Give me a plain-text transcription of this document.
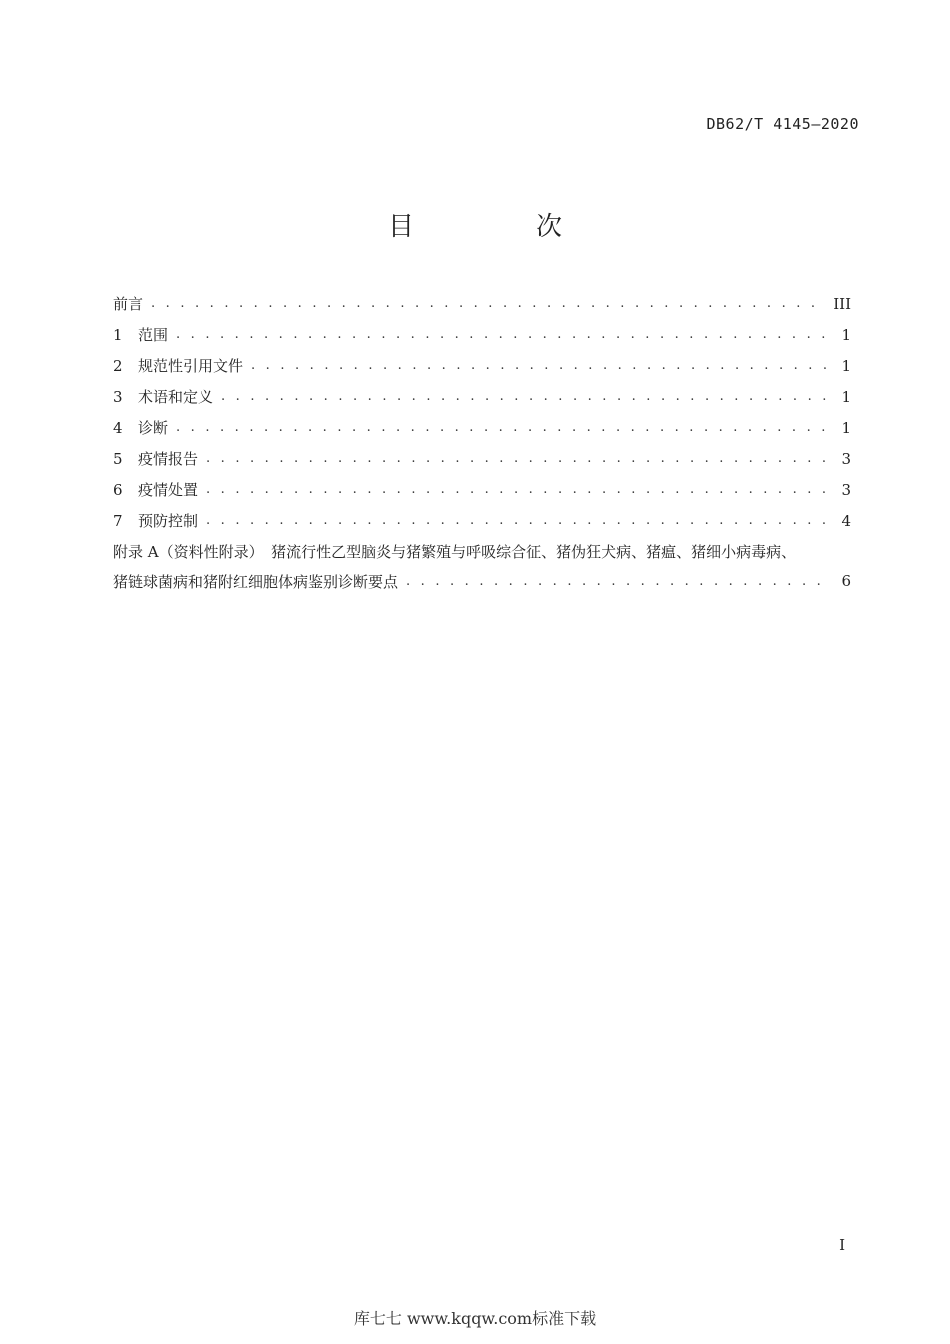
DB62/T 4145—2020
目　次
前言 . . .	III
1	范围 . . .	1
2	规范性引用文件 . . .	1
3	术语和定义 . . .	1
4	诊断 . . .	1
5	疫情报告 . . .	3
6	疫情处置 . . .	3
7	预防控制 . . .	4
附录 A（资料性附录）　猪流行性乙型脑炎与猪繁殖与呼吸综合征、猪伪狂犬病、猪瘟、猪细小病毒病、
猪链球菌病和猪附红细胞体病鉴别诊断要点 . . .	6
I
库七七 www.kqqw.com标准下载
